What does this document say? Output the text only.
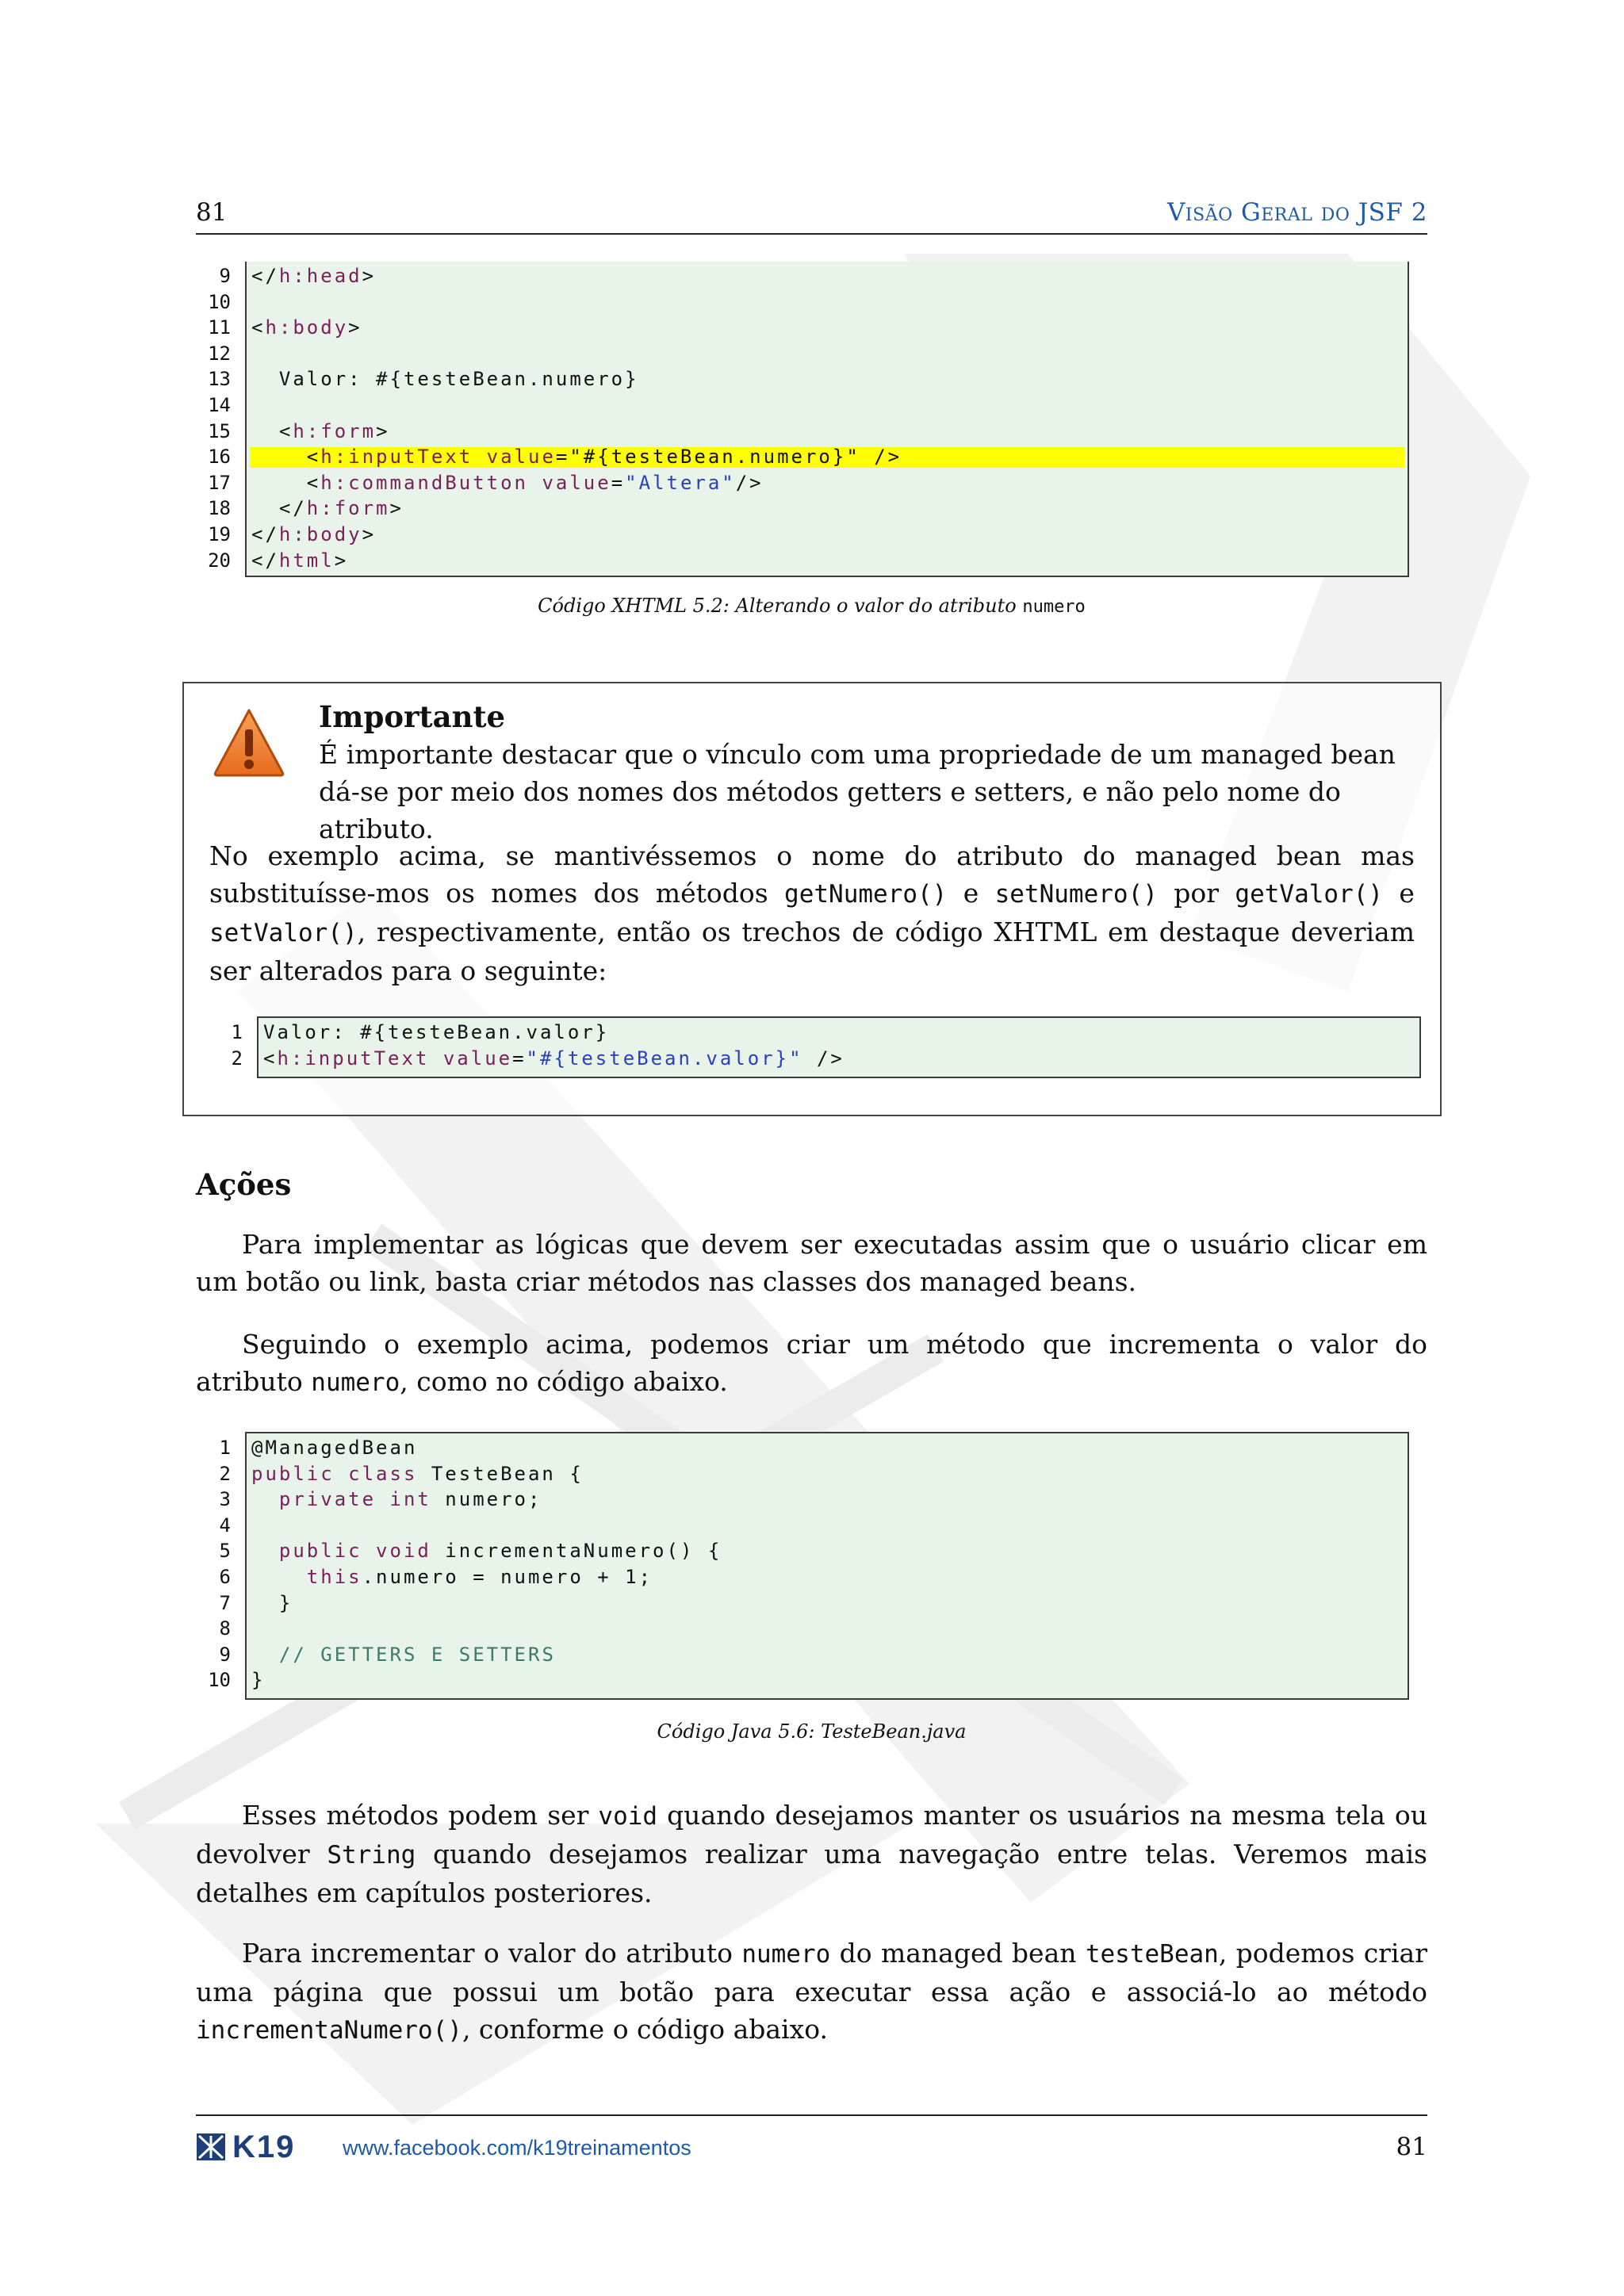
81	Visão Geral do JSF 2
9 </h:head>
10
11 <h:body>
12
13 Valor: #{testeBean.numero}
14
15 <h:form>
16 <h:inputText value="#{testeBean.numero}" />
17 <h:commandButton value="Altera"/>
18 </h:form>
19 </h:body>
20 </html>
Código XHTML 5.2: Alterando o valor do atributo numero
Importante
É importante destacar que o vínculo com uma propriedade de um managed bean dá-se por meio dos nomes dos métodos getters e setters, e não pelo nome do atributo.
No exemplo acima, se mantivéssemos o nome do atributo do managed bean mas substituísse-mos os nomes dos métodos getNumero() e setNumero() por getValor() e setValor(), respectivamente, então os trechos de código XHTML em destaque deveriam ser alterados para o seguinte:
1 Valor: #{testeBean.valor}
2 <h:inputText value="#{testeBean.valor}" />
Ações
Para implementar as lógicas que devem ser executadas assim que o usuário clicar em um botão ou link, basta criar métodos nas classes dos managed beans.
Seguindo o exemplo acima, podemos criar um método que incrementa o valor do atributo numero, como no código abaixo.
1 @ManagedBean
2 public class TesteBean {
3	private int numero;
4
5	public void incrementaNumero() {
6	this.numero = numero + 1;
7 }
8
9	// GETTERS E SETTERS
10 }
Código Java 5.6: TesteBean.java
Esses métodos podem ser void quando desejamos manter os usuários na mesma tela ou devolver String quando desejamos realizar uma navegação entre telas. Veremos mais detalhes em capítulos posteriores.
Para incrementar o valor do atributo numero do managed bean testeBean, podemos criar uma página que possui um botão para executar essa ação e associá-lo ao método incrementaNumero(), conforme o código abaixo.
K19 www.facebook.com/k19treinamentos	81
